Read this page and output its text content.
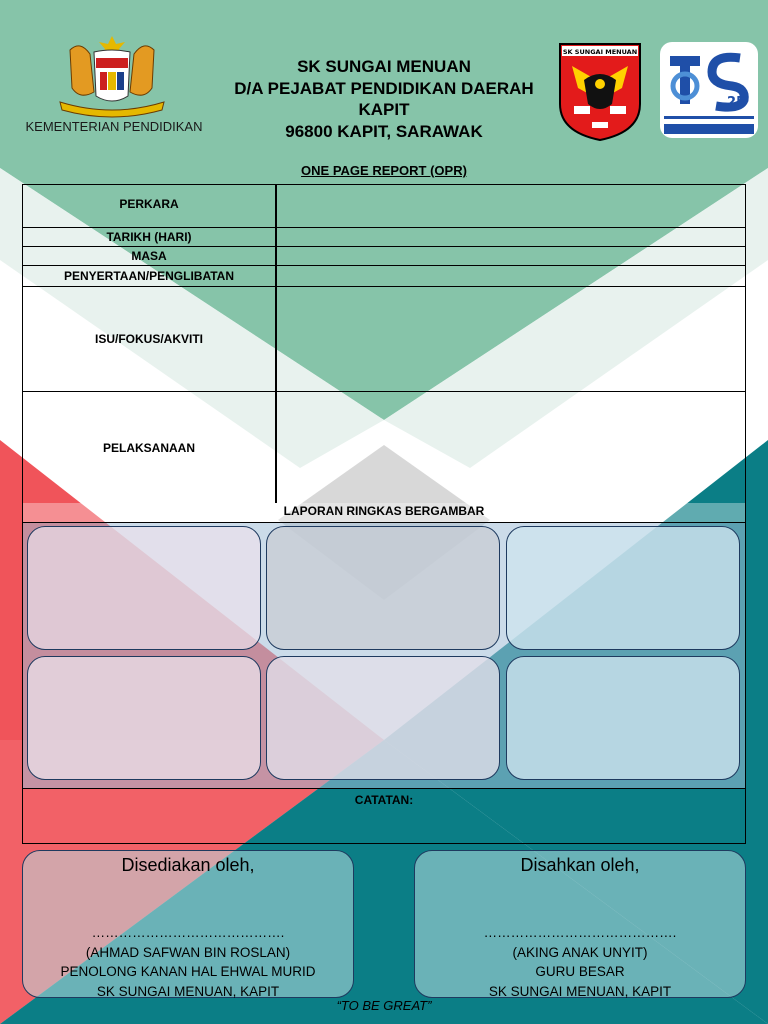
KEMENTERIAN PENDIDIKAN
SK SUNGAI MENUAN
D/A PEJABAT PENDIDIKAN DAERAH
KAPIT
96800 KAPIT, SARAWAK
SK SUNGAI MENUAN
25
ONE PAGE REPORT (OPR)
PERKARA
TARIKH (HARI)
MASA
PENYERTAAN/PENGLIBATAN
ISU/FOKUS/AKVITI
PELAKSANAAN
LAPORAN RINGKAS BERGAMBAR
CATATAN:
Disediakan oleh,
…………………………………….
(AHMAD SAFWAN BIN ROSLAN)
PENOLONG KANAN HAL EHWAL MURID
SK SUNGAI MENUAN, KAPIT
Disahkan oleh,
…………………………………….
(AKING ANAK UNYIT)
GURU BESAR
SK SUNGAI MENUAN, KAPIT
“TO BE GREAT”
